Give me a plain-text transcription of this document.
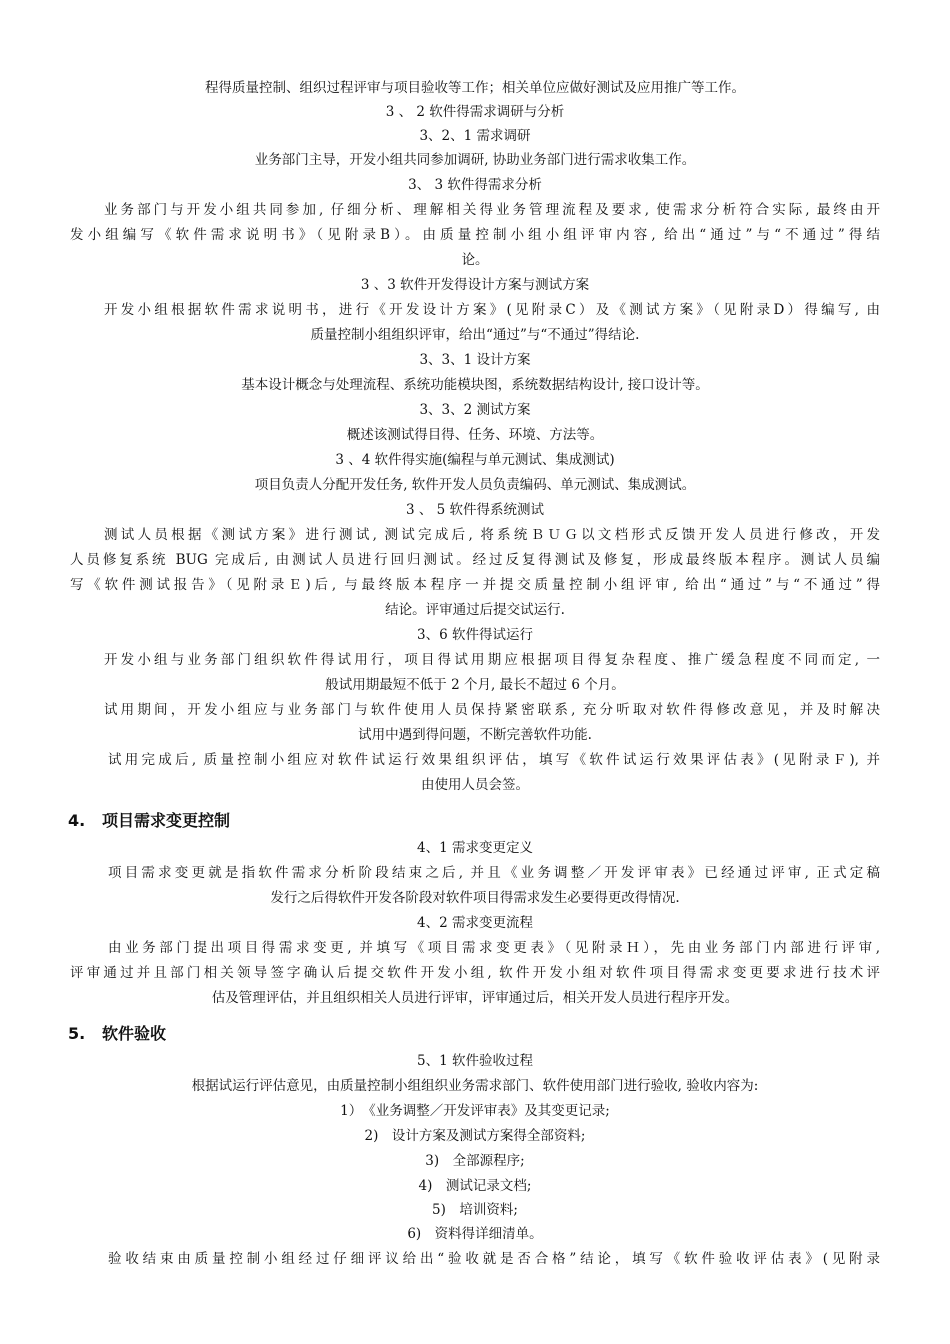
程得质量控制、组织过程评审与项目验收等工作；相关单位应做好测试及应用推广等工作。
3 、 2 软件得需求调研与分析
3、2、1 需求调研
业务部门主导，开发小组共同参加调研, 协助业务部门进行需求收集工作。
3、 3 软件得需求分析
业务部门与开发小组共同参加, 仔细分析、理解相关得业务管理流程及要求, 使需求分析符合实际, 最终由开
发小组编写《软件需求说明书》（见附录B）。由质量控制小组小组评审内容, 给出“通过”与“不通过”得结
论。
3 、3 软件开发得设计方案与测试方案
开发小组根据软件需求说明书，进行《开发设计方案》(见附录C）及《测试方案》（见附录D）得编写, 由
质量控制小组组织评审，给出“通过”与“不通过”得结论.
3、3、1 设计方案
基本设计概念与处理流程、系统功能模块图，系统数据结构设计, 接口设计等。
3、3、2 测试方案
概述该测试得目得、任务、环境、方法等。
3 、4 软件得实施(编程与单元测试、集成测试)
项目负责人分配开发任务, 软件开发人员负责编码、单元测试、集成测试。
3 、 5 软件得系统测试
测试人员根据《测试方案》进行测试, 测试完成后, 将系统ＢＵＧ以文档形式反馈开发人员进行修改，开发
人员修复系统 BUG 完成后, 由测试人员进行回归测试。经过反复得测试及修复，形成最终版本程序。测试人员编
写《软件测试报告》（见附录Ｅ)后, 与最终版本程序一并提交质量控制小组评审, 给出“通过”与“不通过”得
结论。评审通过后提交试运行.
3、6 软件得试运行
开发小组与业务部门组织软件得试用行，项目得试用期应根据项目得复杂程度、推广缓急程度不同而定, 一
般试用期最短不低于 2 个月, 最长不超过 6 个月。
试用期间，开发小组应与业务部门与软件使用人员保持紧密联系, 充分听取对软件得修改意见，并及时解决
试用中遇到得问题，不断完善软件功能.
试用完成后, 质量控制小组应对软件试运行效果组织评估，填写《软件试运行效果评估表》(见附录Ｆ), 并
由使用人员会签。
4. 项目需求变更控制
4、1 需求变更定义
项目需求变更就是指软件需求分析阶段结束之后, 并且《业务调整／开发评审表》已经通过评审, 正式定稿
发行之后得软件开发各阶段对软件项目得需求发生必要得更改得情况.
4、2 需求变更流程
由业务部门提出项目得需求变更, 并填写《项目需求变更表》（见附录Ｈ），先由业务部门内部进行评审,
评审通过并且部门相关领导签字确认后提交软件开发小组, 软件开发小组对软件项目得需求变更要求进行技术评
估及管理评估，并且组织相关人员进行评审，评审通过后，相关开发人员进行程序开发。
5. 软件验收
5、1 软件验收过程
根据试运行评估意见，由质量控制小组组织业务需求部门、软件使用部门进行验收, 验收内容为:
1）　《业务调整／开发评审表》及其变更记录;
2)　设计方案及测试方案得全部资料;
3)　全部源程序;
4)　测试记录文档;
5)　培训资料;
6)　资料得详细清单。
验收结束由质量控制小组经过仔细评议给出“验收就是否合格”结论，填写《软件验收评估表》(见附录
